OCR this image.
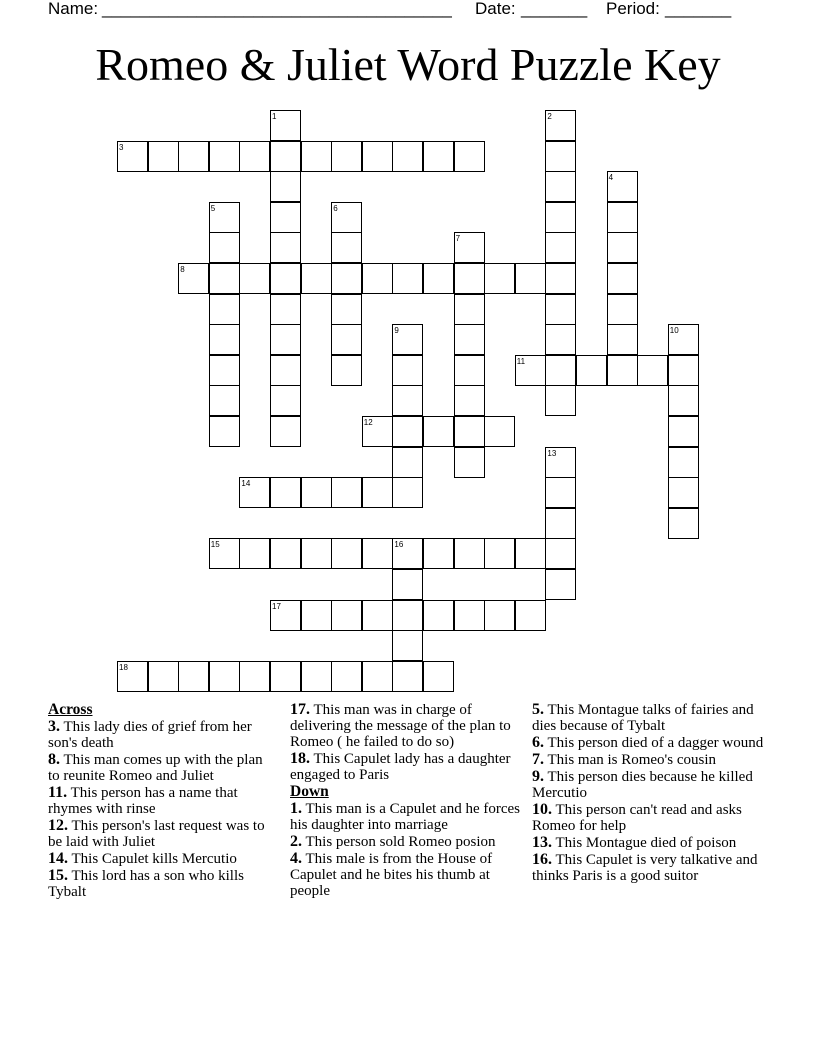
Name: _____________________________________ Date: _______ Period: _______
Romeo & Juliet Word Puzzle Key
1	2
3
4
5	6
7
8
9	10
11
12
13
14
15	16
17
18
Across
3. This lady dies of grief from her son's death
8. This man comes up with the plan to reunite Romeo and Juliet
11. This person has a name that rhymes with rinse
12. This person's last request was to be laid with Juliet
14. This Capulet kills Mercutio
15. This lord has a son who kills Tybalt
17. This man was in charge of delivering the message of the plan to Romeo ( he failed to do so)
18. This Capulet lady has a daughter engaged to Paris
Down
1. This man is a Capulet and he forces his daughter into marriage
2. This person sold Romeo posion
4. This male is from the House of Capulet and he bites his thumb at people
5. This Montague talks of fairies and dies because of Tybalt
6. This person died of a dagger wound
7. This man is Romeo's cousin
9. This person dies because he killed Mercutio
10. This person can't read and asks Romeo for help
13. This Montague died of poison
16. This Capulet is very talkative and thinks Paris is a good suitor
